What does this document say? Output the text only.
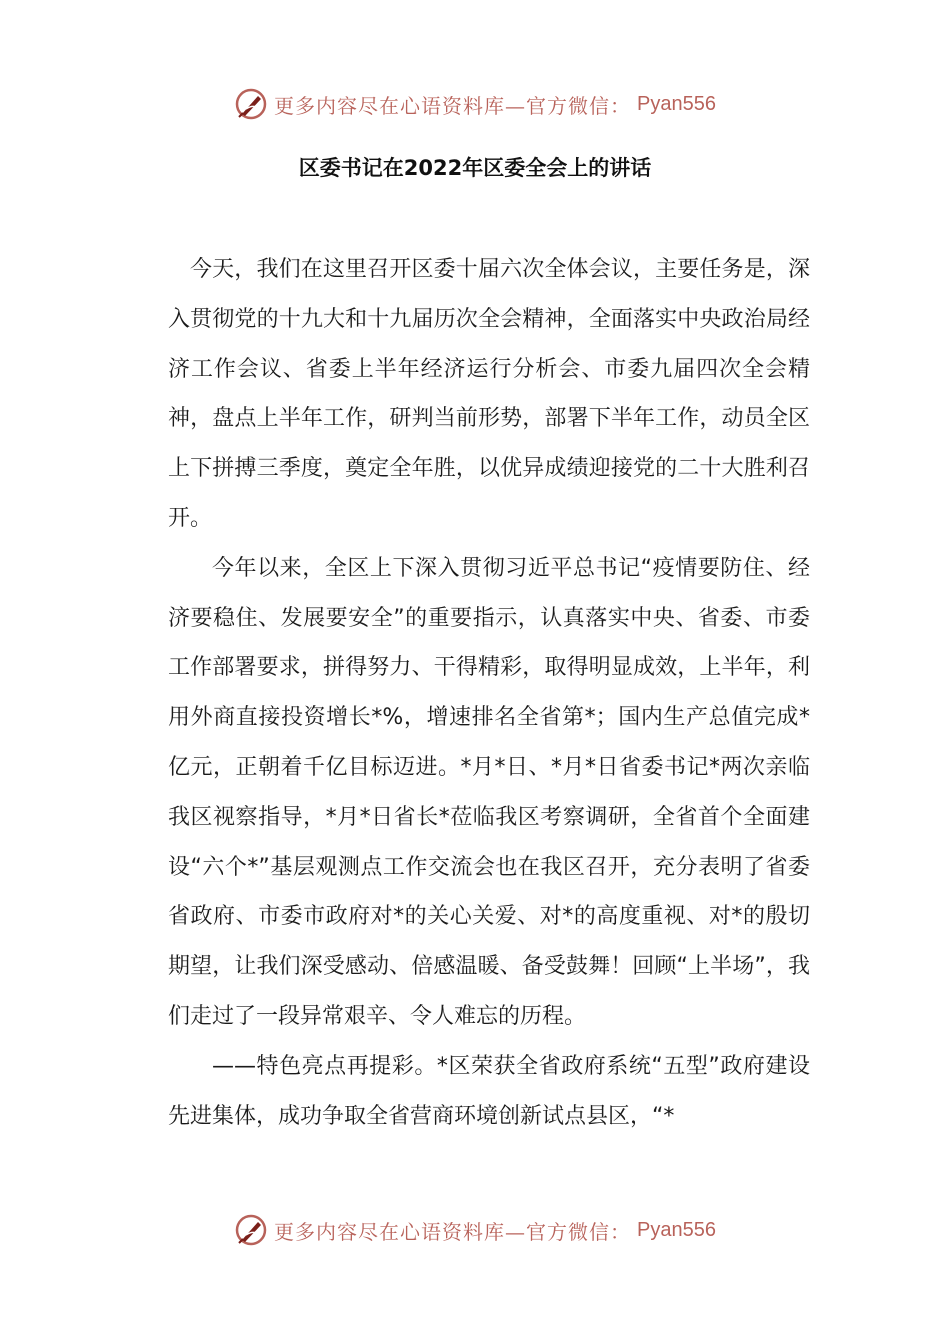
更多内容尽在心语资料库—官方微信： Pyan556
区委书记在2022年区委全会上的讲话

今天，我们在这里召开区委十届六次全体会议，主要任务是，深入贯彻党的十九大和十九届历次全会精神，全面落实中央政治局经济工作会议、省委上半年经济运行分析会、市委九届四次全会精神，盘点上半年工作，研判当前形势，部署下半年工作，动员全区上下拼搏三季度，奠定全年胜，以优异成绩迎接党的二十大胜利召开。

今年以来，全区上下深入贯彻习近平总书记“疫情要防住、经济要稳住、发展要安全”的重要指示，认真落实中央、省委、市委工作部署要求，拼得努力、干得精彩，取得明显成效，上半年，利用外商直接投资增长*%，增速排名全省第*；国内生产总值完成*亿元，正朝着千亿目标迈进。*月*日、*月*日省委书记*两次亲临我区视察指导，*月*日省长*莅临我区考察调研，全省首个全面建设“六个*”基层观测点工作交流会也在我区召开，充分表明了省委省政府、市委市政府对*的关心关爱、对*的高度重视、对*的殷切期望，让我们深受感动、倍感温暖、备受鼓舞！回顾“上半场”，我们走过了一段异常艰辛、令人难忘的历程。

——特色亮点再提彩。*区荣获全省政府系统“五型”政府建设先进集体，成功争取全省营商环境创新试点县区，“*

更多内容尽在心语资料库—官方微信： Pyan556
